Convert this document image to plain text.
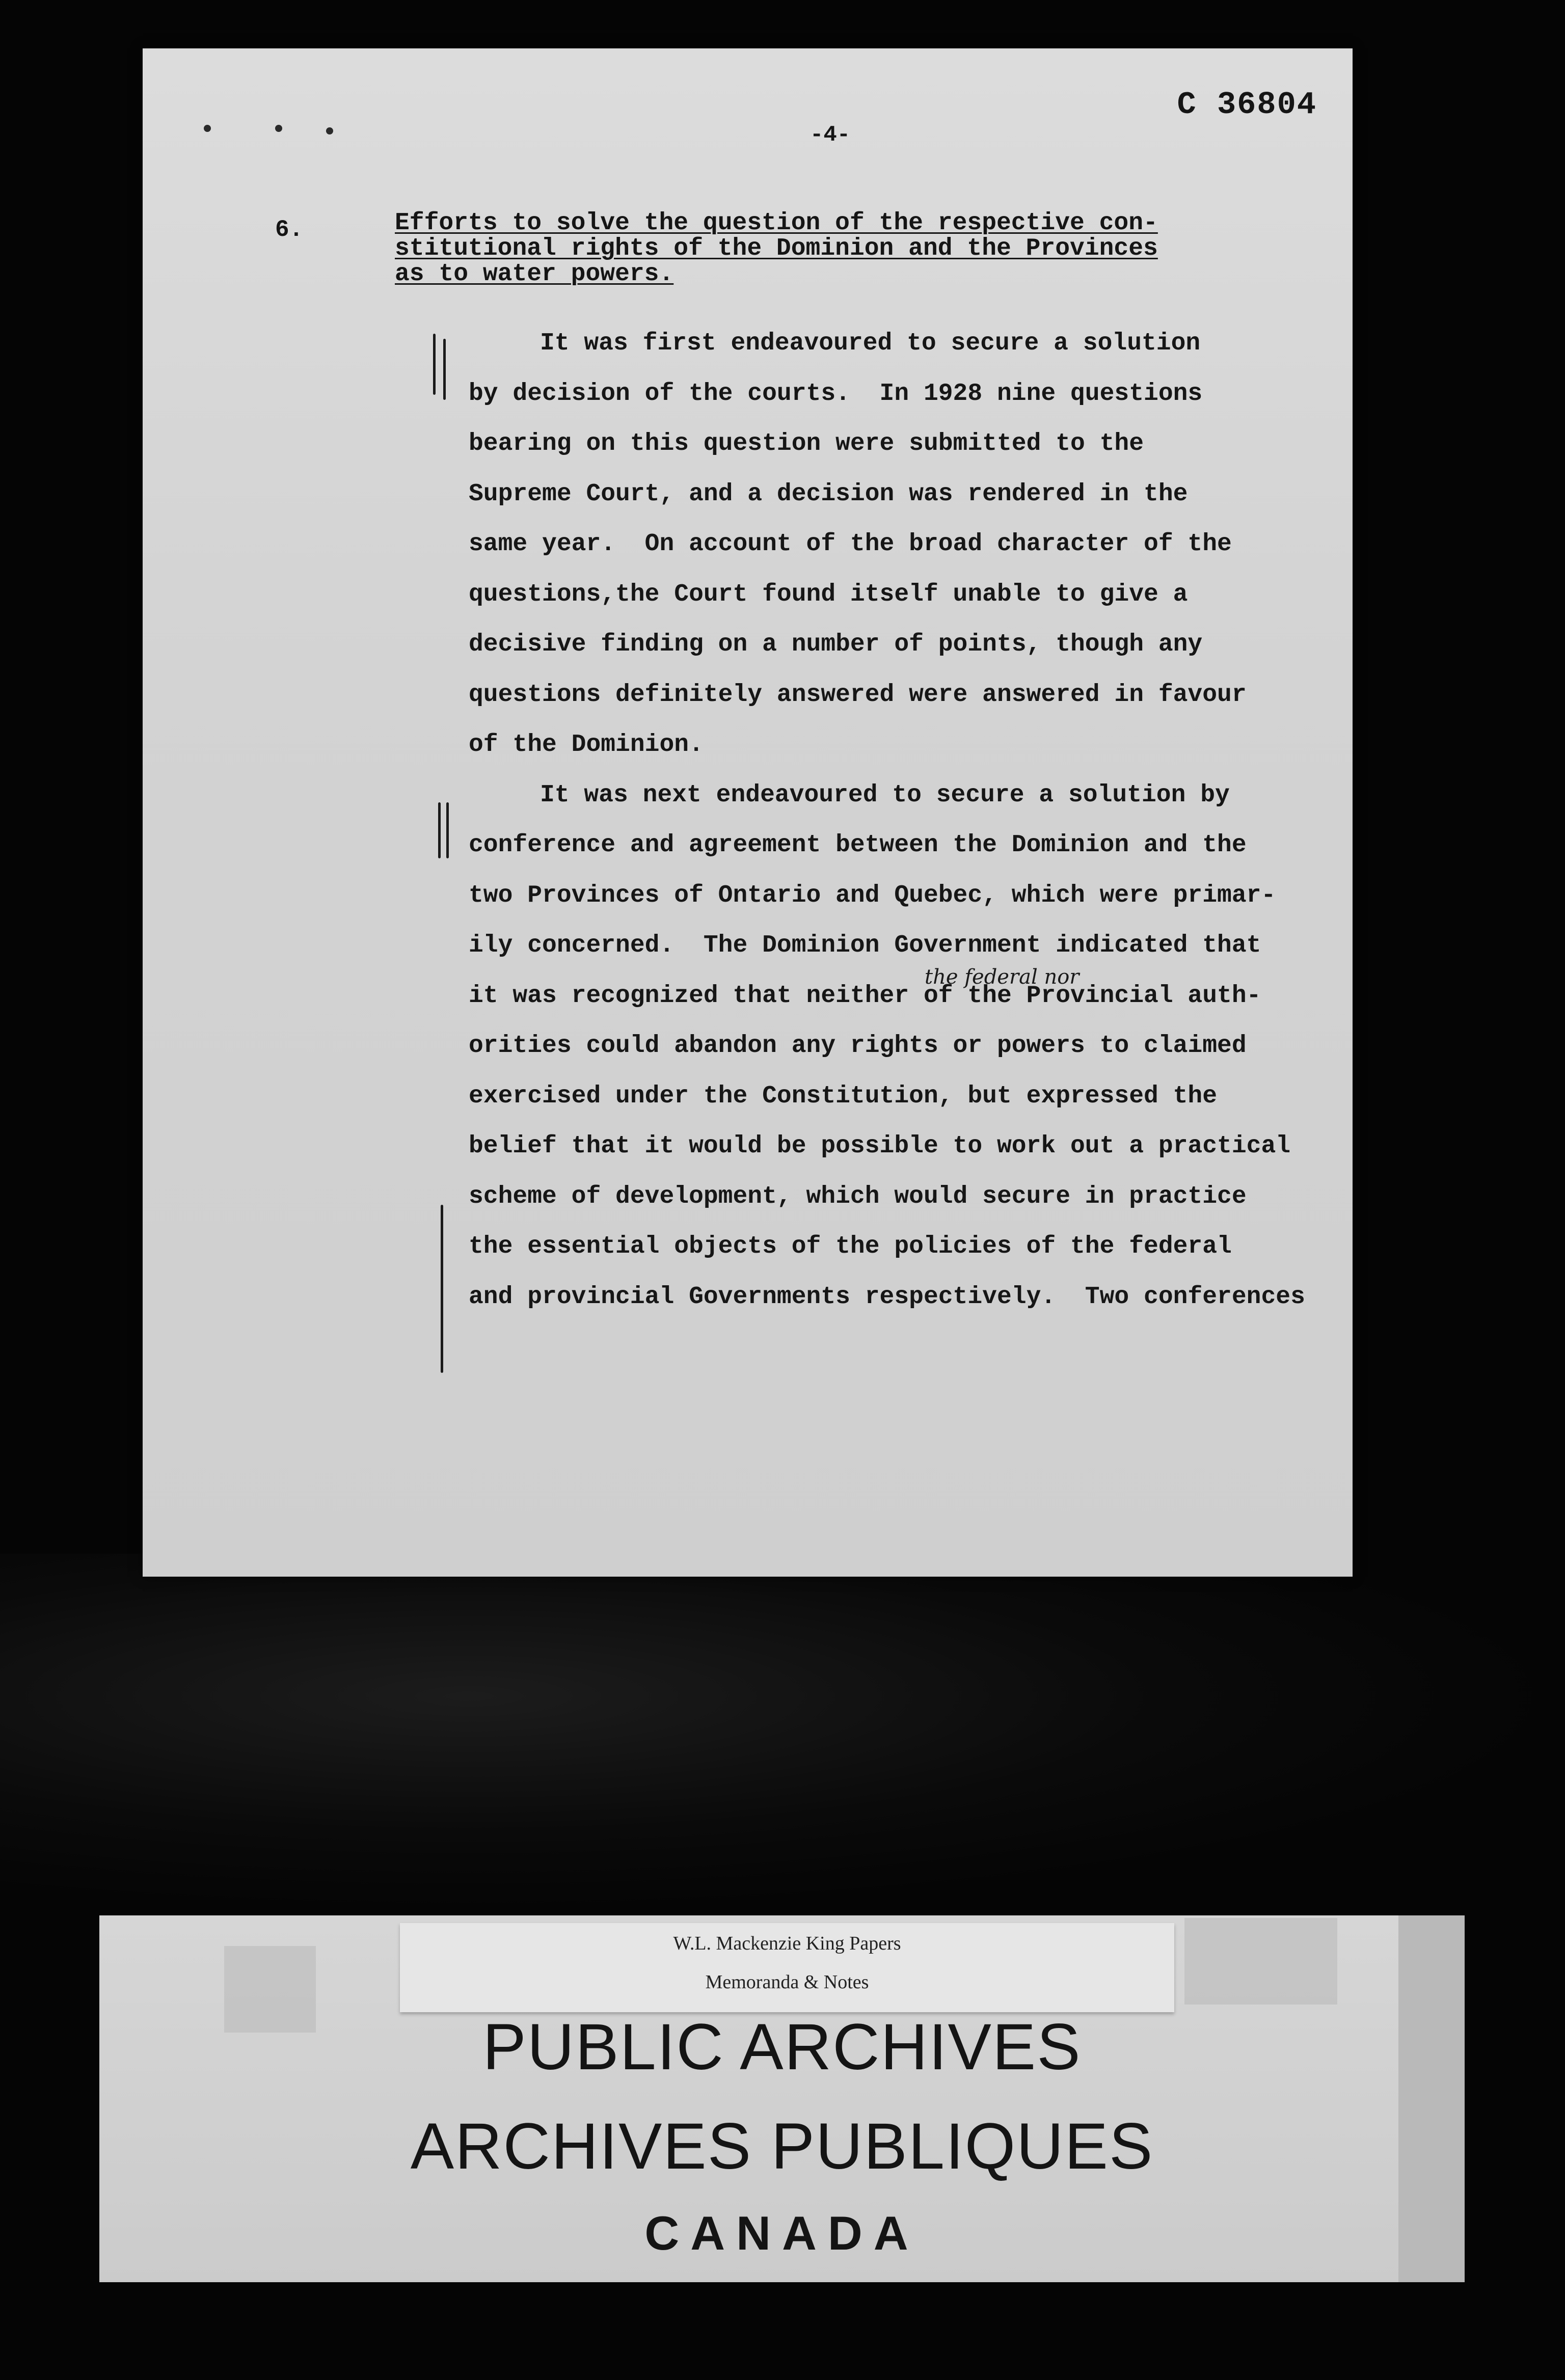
-4-
C 36804
6.	Efforts to solve the question of the respective con-
stitutional rights of the Dominion and the Provinces
as to water powers.
It was first endeavoured to secure a solution
by decision of the courts.  In 1928 nine questions
bearing on this question were submitted to the
Supreme Court, and a decision was rendered in the
same year.  On account of the broad character of the
questions,the Court found itself unable to give a
decisive finding on a number of points, though any
questions definitely answered were answered in favour
of the Dominion.
It was next endeavoured to secure a solution by
conference and agreement between the Dominion and the
two Provinces of Ontario and Quebec, which were primar-
ily concerned.  The Dominion Government indicated that
it was recognized that neither of the Provincial auth-
orities could abandon any rights or powers to claimed
exercised under the Constitution, but expressed the
belief that it would be possible to work out a practical
scheme of development, which would secure in practice
the essential objects of the policies of the federal
and provincial Governments respectively.  Two conferences
the federal nor
W.L. Mackenzie King Papers
Memoranda & Notes
PUBLIC ARCHIVES
ARCHIVES PUBLIQUES
CANADA
